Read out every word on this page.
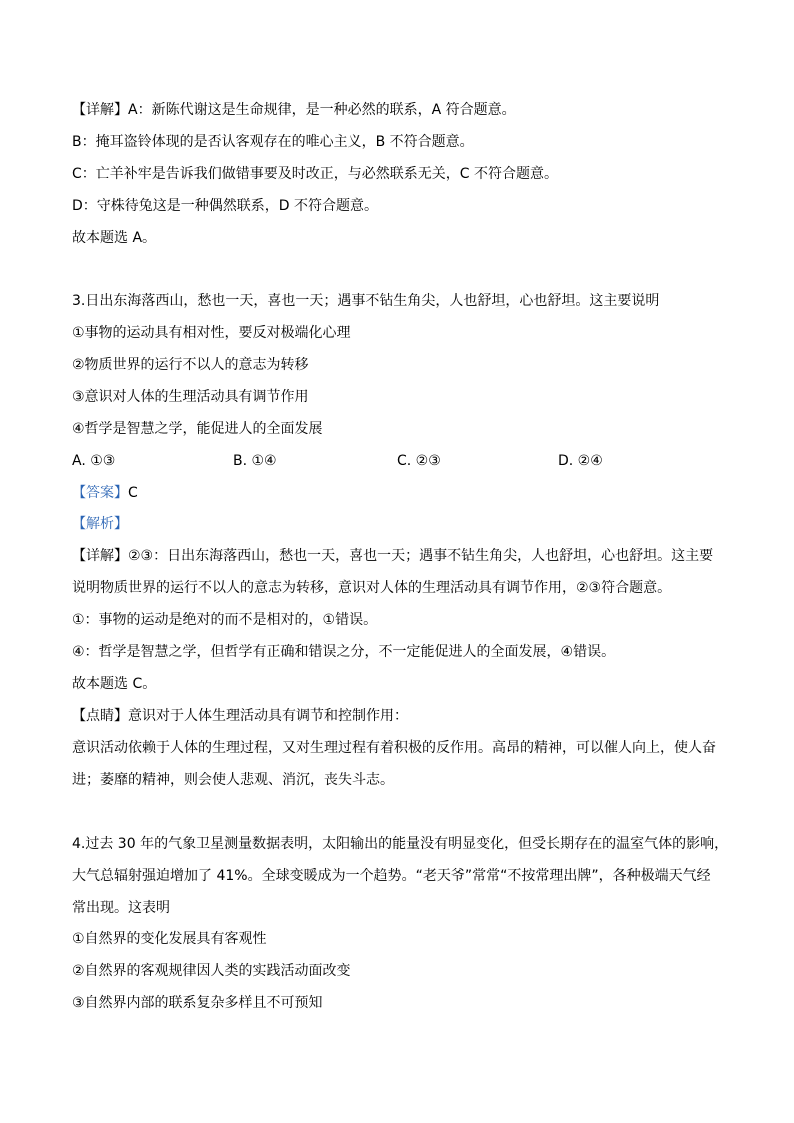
【详解】A：新陈代谢这是生命规律，是一种必然的联系，A 符合题意。
B：掩耳盗铃体现的是否认客观存在的唯心主义，B 不符合题意。
C：亡羊补牢是告诉我们做错事要及时改正，与必然联系无关，C 不符合题意。
D：守株待兔这是一种偶然联系，D 不符合题意。
故本题选 A。
3.日出东海落西山，愁也一天，喜也一天；遇事不钻生角尖，人也舒坦，心也舒坦。这主要说明
①事物的运动具有相对性，要反对极端化心理
②物质世界的运行不以人的意志为转移
③意识对人体的生理活动具有调节作用
④哲学是智慧之学，能促进人的全面发展
A. ①③	B. ①④	C. ②③	D. ②④
【答案】C
【解析】
【详解】②③：日出东海落西山，愁也一天，喜也一天；遇事不钻生角尖，人也舒坦，心也舒坦。这主要
说明物质世界的运行不以人的意志为转移，意识对人体的生理活动具有调节作用，②③符合题意。
①：事物的运动是绝对的而不是相对的，①错误。
④：哲学是智慧之学，但哲学有正确和错误之分，不一定能促进人的全面发展，④错误。
故本题选 C。
【点睛】意识对于人体生理活动具有调节和控制作用：
意识活动依赖于人体的生理过程，又对生理过程有着积极的反作用。高昂的精神，可以催人向上，使人奋
进；萎靡的精神，则会使人悲观、消沉，丧失斗志。
4.过去 30 年的气象卫星测量数据表明，太阳输出的能量没有明显变化，但受长期存在的温室气体的影响，
大气总辐射强迫增加了 41%。全球变暖成为一个趋势。“老天爷”常常“不按常理出牌”，各种极端天气经
常出现。这表明
①自然界的变化发展具有客观性
②自然界的客观规律因人类的实践活动面改变
③自然界内部的联系复杂多样且不可预知
